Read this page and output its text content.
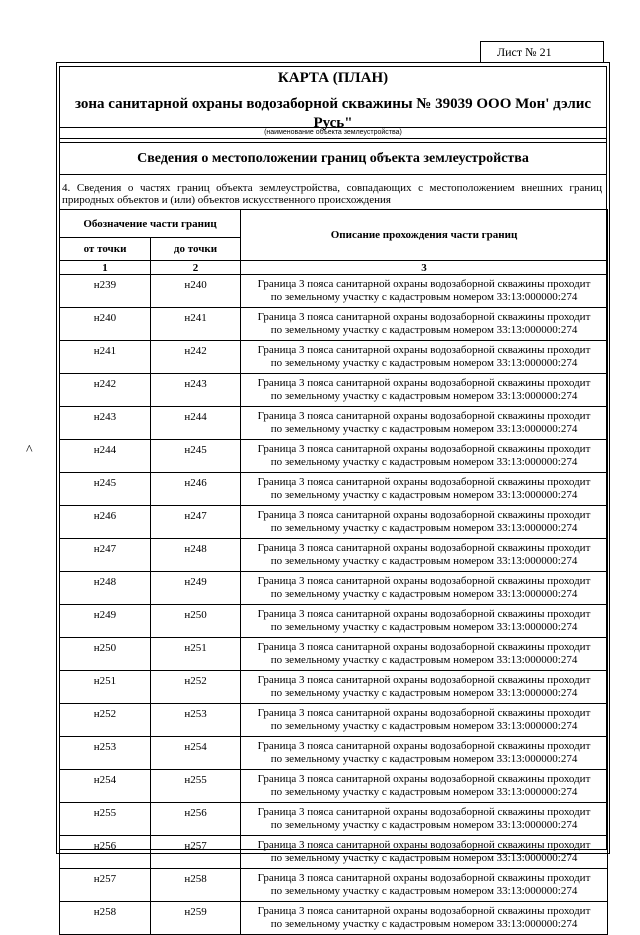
Лист № 21
КАРТА (ПЛАН)
зона санитарной охраны водозаборной скважины № 39039 ООО Мон' дэлис Русь"
(наименование объекта землеустройства)
Сведения о местоположении границ объекта землеустройства
4. Сведения о частях границ объекта землеустройства, совпадающих с местоположением внешних границ природных объектов и (или) объектов искусственного происхождения
Обозначение части границ		Описание прохождения части границ
от точки	до точки	
1	2	3
н239	н240	Граница 3 пояса санитарной охраны водозаборной скважины проходит
по земельному участку с кадастровым номером 33:13:000000:274

н240	н241	Граница 3 пояса санитарной охраны водозаборной скважины проходит
по земельному участку с кадастровым номером 33:13:000000:274

н241	н242	Граница 3 пояса санитарной охраны водозаборной скважины проходит
по земельному участку с кадастровым номером 33:13:000000:274

н242	н243	Граница 3 пояса санитарной охраны водозаборной скважины проходит
по земельному участку с кадастровым номером 33:13:000000:274

н243	н244	Граница 3 пояса санитарной охраны водозаборной скважины проходит
по земельному участку с кадастровым номером 33:13:000000:274

н244	н245	Граница 3 пояса санитарной охраны водозаборной скважины проходит
по земельному участку с кадастровым номером 33:13:000000:274

н245	н246	Граница 3 пояса санитарной охраны водозаборной скважины проходит
по земельному участку с кадастровым номером 33:13:000000:274

н246	н247	Граница 3 пояса санитарной охраны водозаборной скважины проходит
по земельному участку с кадастровым номером 33:13:000000:274

н247	н248	Граница 3 пояса санитарной охраны водозаборной скважины проходит
по земельному участку с кадастровым номером 33:13:000000:274

н248	н249	Граница 3 пояса санитарной охраны водозаборной скважины проходит
по земельному участку с кадастровым номером 33:13:000000:274

н249	н250	Граница 3 пояса санитарной охраны водозаборной скважины проходит
по земельному участку с кадастровым номером 33:13:000000:274

н250	н251	Граница 3 пояса санитарной охраны водозаборной скважины проходит
по земельному участку с кадастровым номером 33:13:000000:274

н251	н252	Граница 3 пояса санитарной охраны водозаборной скважины проходит
по земельному участку с кадастровым номером 33:13:000000:274

н252	н253	Граница 3 пояса санитарной охраны водозаборной скважины проходит
по земельному участку с кадастровым номером 33:13:000000:274

н253	н254	Граница 3 пояса санитарной охраны водозаборной скважины проходит
по земельному участку с кадастровым номером 33:13:000000:274

н254	н255	Граница 3 пояса санитарной охраны водозаборной скважины проходит
по земельному участку с кадастровым номером 33:13:000000:274

н255	н256	Граница 3 пояса санитарной охраны водозаборной скважины проходит
по земельному участку с кадастровым номером 33:13:000000:274

н256	н257	Граница 3 пояса санитарной охраны водозаборной скважины проходит
по земельному участку с кадастровым номером 33:13:000000:274

н257	н258	Граница 3 пояса санитарной охраны водозаборной скважины проходит
по земельному участку с кадастровым номером 33:13:000000:274

н258	н259	Граница 3 пояса санитарной охраны водозаборной скважины проходит
по земельному участку с кадастровым номером 33:13:000000:274
^
